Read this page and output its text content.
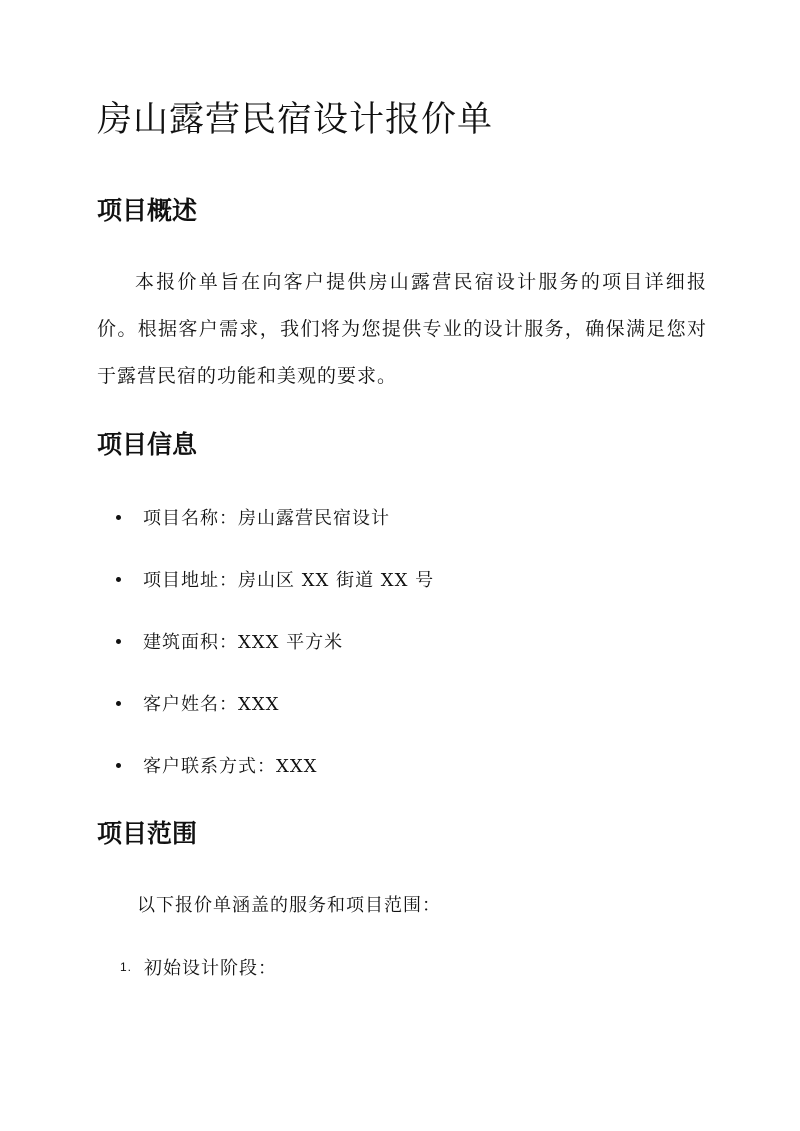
房山露营民宿设计报价单
项目概述

本报价单旨在向客户提供房山露营民宿设计服务的项目详细报价。根据客户需求，我们将为您提供专业的设计服务，确保满足您对于露营民宿的功能和美观的要求。

项目信息
项目名称：房山露营民宿设计
项目地址：房山区 XX 街道 XX 号
建筑面积：XXX 平方米
客户姓名：XXX
客户联系方式：XXX
项目范围
以下报价单涵盖的服务和项目范围：
1. 初始设计阶段：
